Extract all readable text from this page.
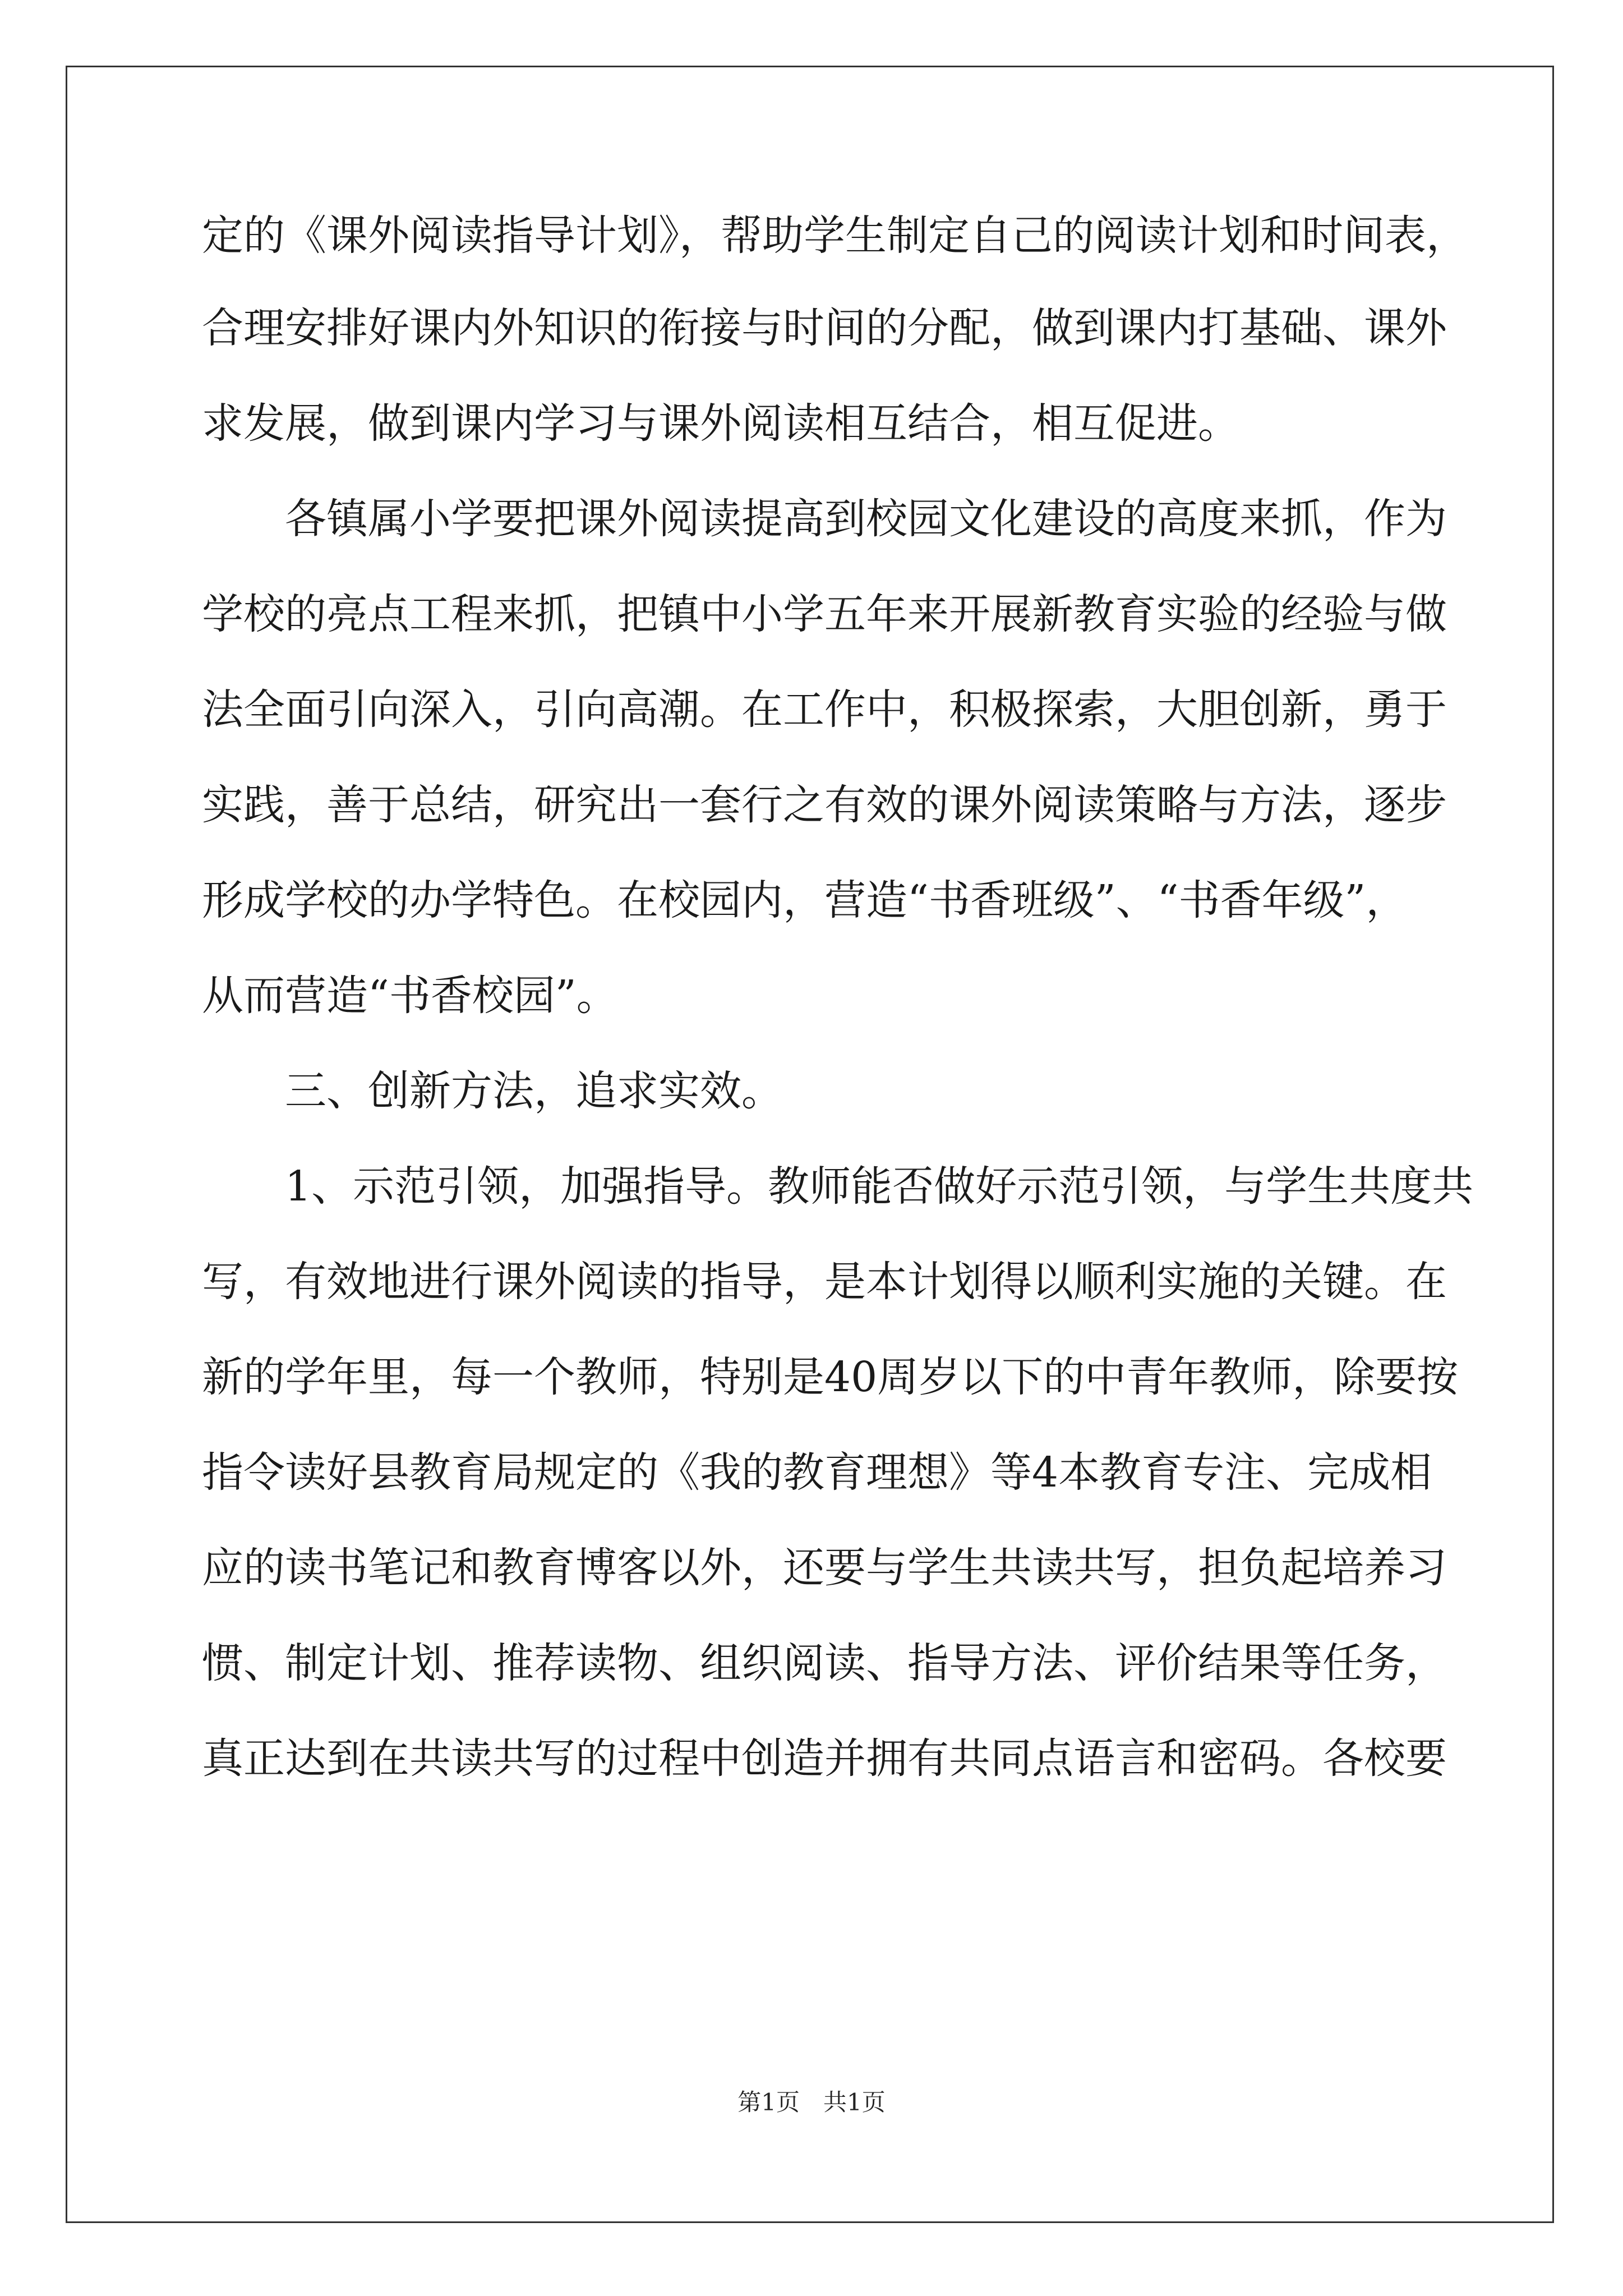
定的《课外阅读指导计划》，帮助学生制定自己的阅读计划和时间表，
合理安排好课内外知识的衔接与时间的分配，做到课内打基础、课外
求发展，做到课内学习与课外阅读相互结合，相互促进。
　　各镇属小学要把课外阅读提高到校园文化建设的高度来抓，作为
学校的亮点工程来抓，把镇中小学五年来开展新教育实验的经验与做
法全面引向深入，引向高潮。在工作中，积极探索，大胆创新，勇于
实践，善于总结，研究出一套行之有效的课外阅读策略与方法，逐步
形成学校的办学特色。在校园内，营造“书香班级”、“书香年级”，
从而营造“书香校园”。
　　三、创新方法，追求实效。
　　1、示范引领，加强指导。教师能否做好示范引领，与学生共度共
写，有效地进行课外阅读的指导，是本计划得以顺利实施的关键。在
新的学年里，每一个教师，特别是40周岁以下的中青年教师，除要按
指令读好县教育局规定的《我的教育理想》等4本教育专注、完成相
应的读书笔记和教育博客以外，还要与学生共读共写，担负起培养习
惯、制定计划、推荐读物、组织阅读、指导方法、评价结果等任务，
真正达到在共读共写的过程中创造并拥有共同点语言和密码。各校要
第1页　共1页
